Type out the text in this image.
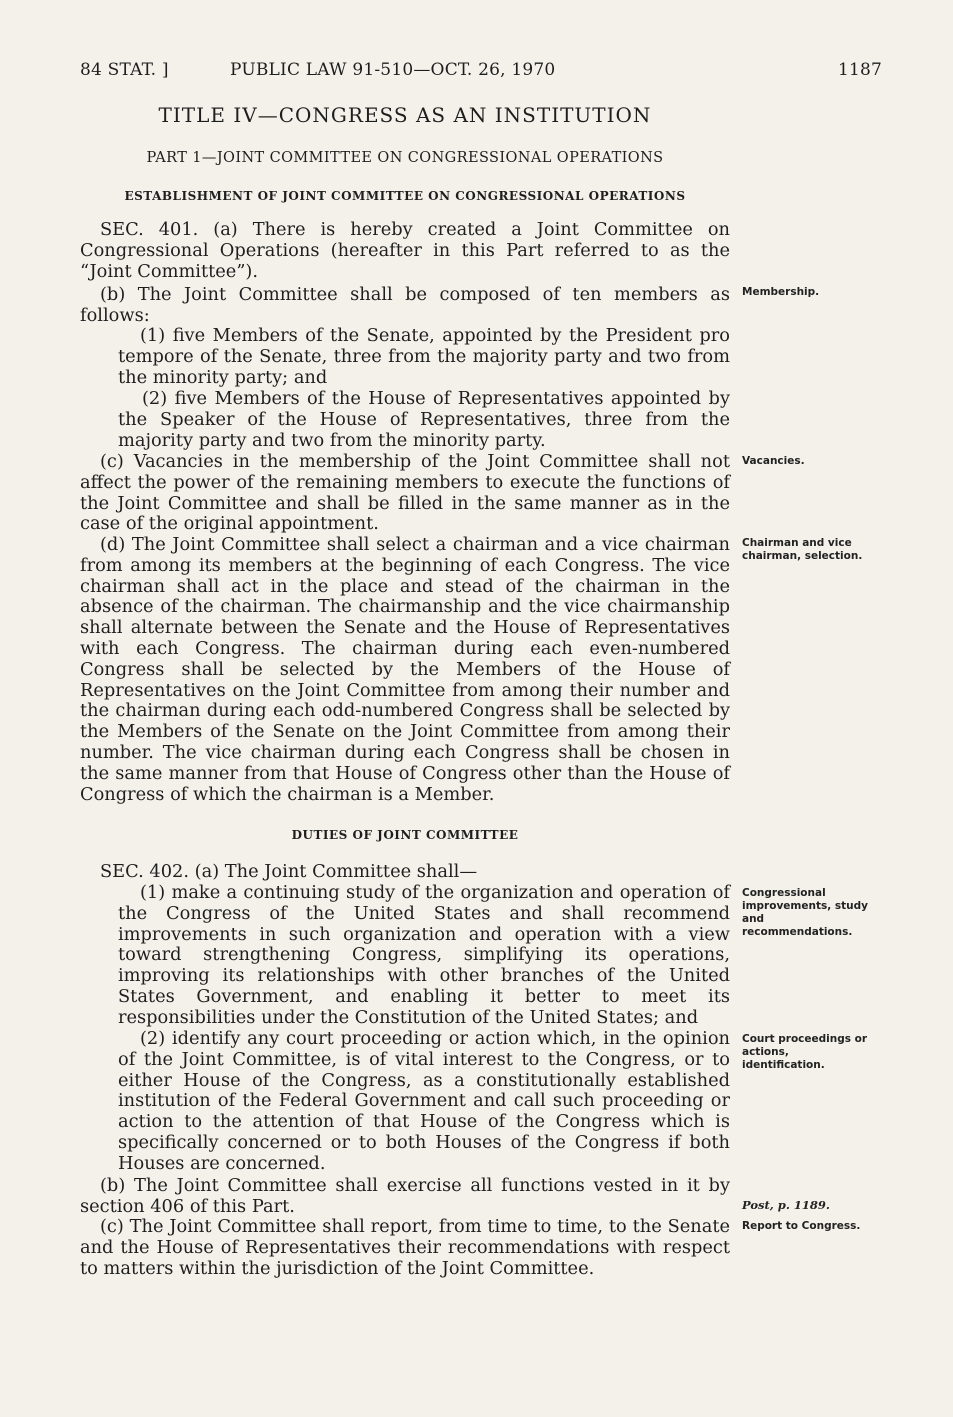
84 STAT. ]	PUBLIC LAW 91-510—OCT. 26, 1970	1187
TITLE IV—CONGRESS AS AN INSTITUTION
PART 1—JOINT COMMITTEE ON CONGRESSIONAL OPERATIONS
ESTABLISHMENT OF JOINT COMMITTEE ON CONGRESSIONAL OPERATIONS

SEC. 401. (a) There is hereby created a Joint Committee on Congressional Operations (hereafter in this Part referred to as the “Joint Committee”).

(b) The Joint Committee shall be composed of ten members as follows:

(1) five Members of the Senate, appointed by the President pro tempore of the Senate, three from the majority party and two from the minority party; and

(2) five Members of the House of Representatives appointed by the Speaker of the House of Representatives, three from the majority party and two from the minority party.

(c) Vacancies in the membership of the Joint Committee shall not affect the power of the remaining members to execute the functions of the Joint Committee and shall be filled in the same manner as in the case of the original appointment.

(d) The Joint Committee shall select a chairman and a vice chairman from among its members at the beginning of each Congress. The vice chairman shall act in the place and stead of the chairman in the absence of the chairman. The chairmanship and the vice chairmanship shall alternate between the Senate and the House of Representatives with each Congress. The chairman during each even-numbered Congress shall be selected by the Members of the House of Representatives on the Joint Committee from among their number and the chairman during each odd-numbered Congress shall be selected by the Members of the Senate on the Joint Committee from among their number. The vice chairman during each Congress shall be chosen in the same manner from that House of Congress other than the House of Congress of which the chairman is a Member.

DUTIES OF JOINT COMMITTEE

SEC. 402. (a) The Joint Committee shall—

(1) make a continuing study of the organization and operation of the Congress of the United States and shall recommend improvements in such organization and operation with a view toward strengthening Congress, simplifying its operations, improving its relationships with other branches of the United States Government, and enabling it better to meet its responsibilities under the Constitution of the United States; and

(2) identify any court proceeding or action which, in the opinion of the Joint Committee, is of vital interest to the Congress, or to either House of the Congress, as a constitutionally established institution of the Federal Government and call such proceeding or action to the attention of that House of the Congress which is specifically concerned or to both Houses of the Congress if both Houses are concerned.

(b) The Joint Committee shall exercise all functions vested in it by section 406 of this Part.

(c) The Joint Committee shall report, from time to time, to the Senate and the House of Representatives their recommendations with respect to matters within the jurisdiction of the Joint Committee.

Membership.
Vacancies.
Chairman and vice chairman, selection.
Congressional improvements, study and recommendations.
Court proceedings or actions, identification.
Post, p. 1189.
Report to Congress.
